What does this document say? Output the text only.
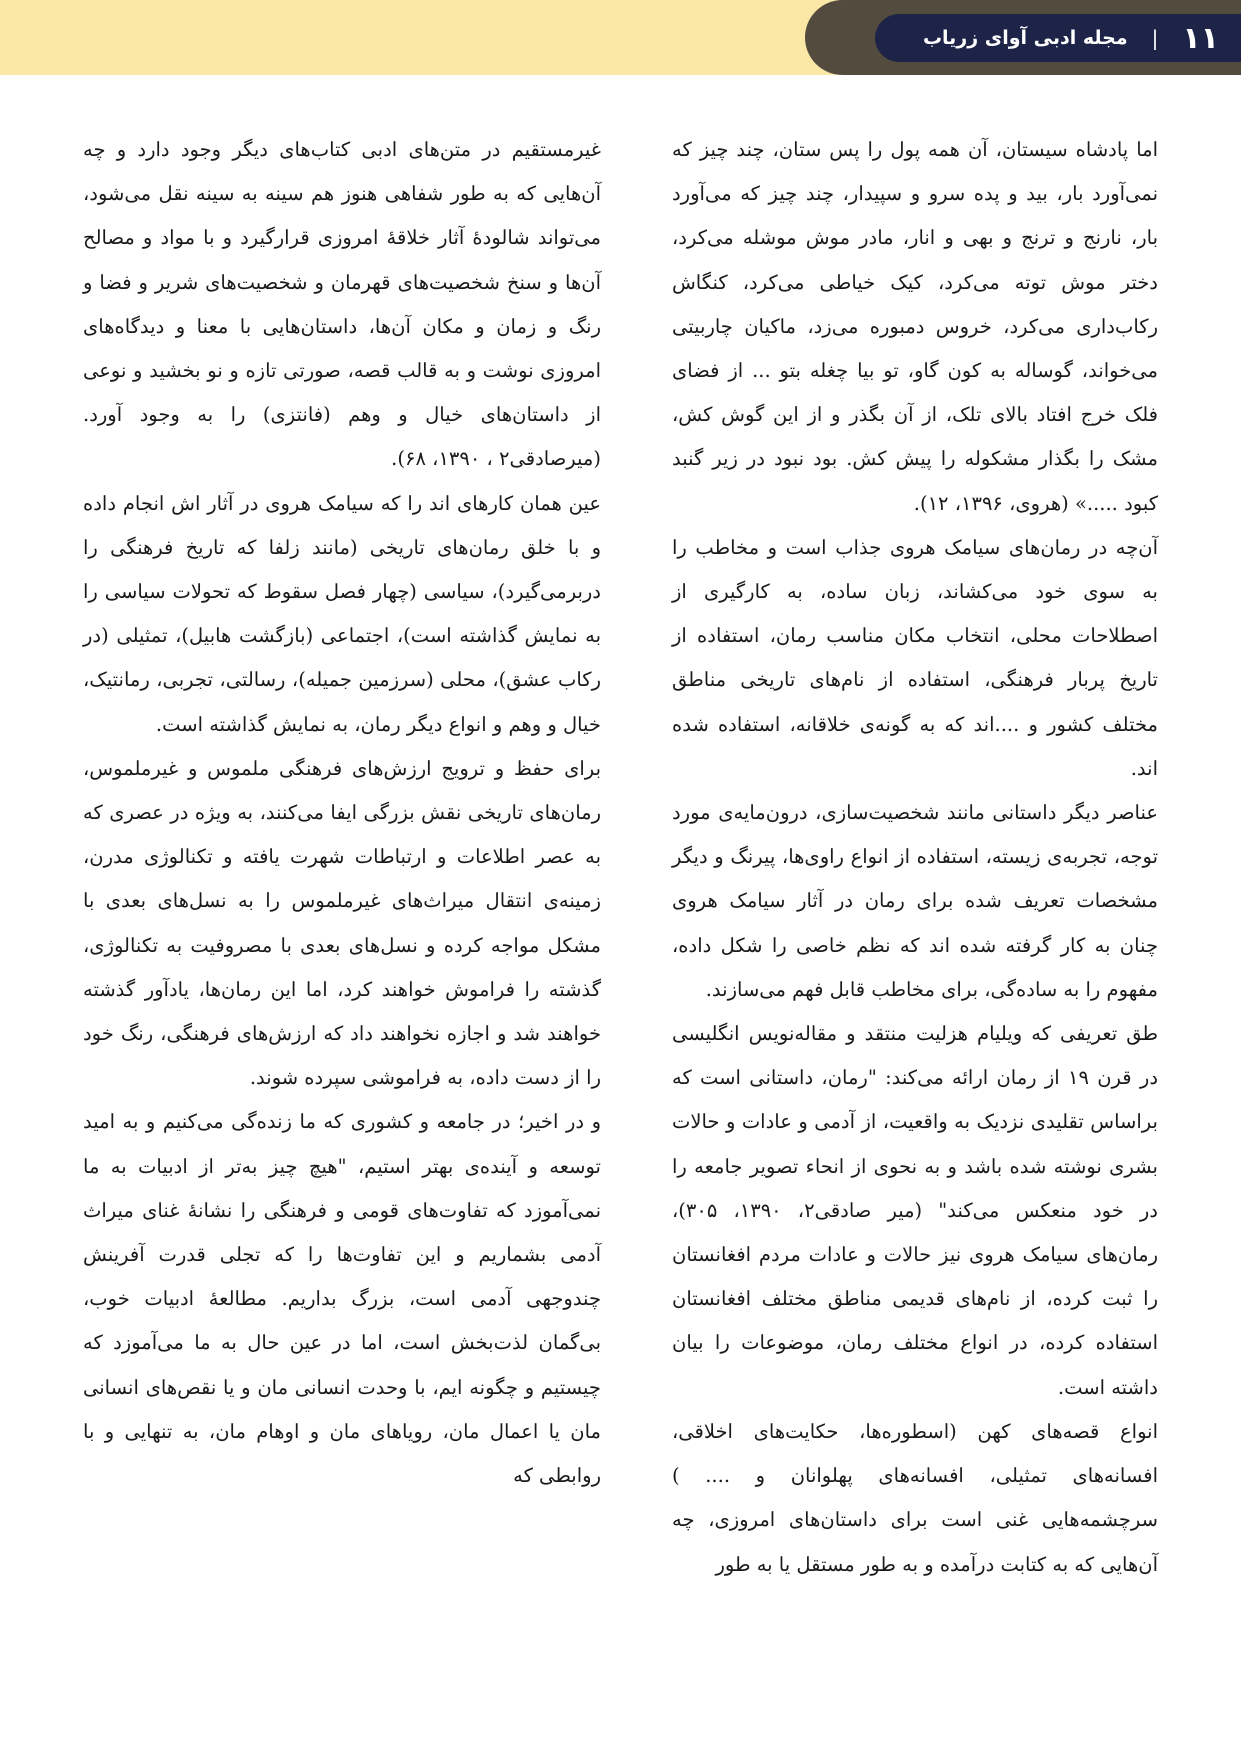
۱۱
|
مجله ادبی آوای زریاب

اما پادشاه سیستان، آن همه پول را پس ستان، چند چیز که نمی‌آورد بار، بید و پده سرو و سپیدار، چند چیز که می‌آورد بار، نارنج و ترنج و بهی و انار، مادر موش موشله می‌کرد، دختر موش توته می‌کرد، کیک خیاطی می‌کرد، کنگاش رکاب‌داری می‌کرد، خروس دمبوره می‌زد، ماکیان چاربیتی می‌خواند، گوساله به کون گاو، تو بیا چغله بتو ... از فضای فلک خرج افتاد بالای تلک، از آن بگذر و از این گوش کش، مشک را بگذار مشکوله را پیش کش. بود نبود در زیر گنبد کبود .....» (هروی، ۱۳۹۶، ۱۲).

آن‌چه در رمان‌های سیامک هروی جذاب است و مخاطب را به سوی خود می‌کشاند، زبان ساده، به کارگیری از اصطلاحات محلی، انتخاب مکان مناسب رمان، استفاده از تاریخ پربار فرهنگی، استفاده از نام‌های تاریخی مناطق مختلف کشور و ....اند که به گونه‌ی خلاقانه، استفاده شده اند.

عناصر دیگر داستانی مانند شخصیت‌سازی، درون‌مایه‌ی مورد توجه، تجربه‌ی زیسته، استفاده از انواع راوی‌ها، پیرنگ و دیگر مشخصات تعریف شده برای رمان در آثار سیامک هروی چنان به کار گرفته شده اند که نظم خاصی را شکل داده، مفهوم را به ساده‌گی، برای مخاطب قابل فهم می‌سازند.

طق تعریفی که ویلیام هزلیت منتقد و مقاله‌نویس انگلیسی در قرن ۱۹ از رمان ارائه می‌کند: "رمان، داستانی است که براساس تقلیدی نزدیک به واقعیت، از آدمی و عادات و حالات بشری نوشته شده باشد و به نحوی از انحاء تصویر جامعه را در خود منعکس می‌کند" (میر صادقی۲، ۱۳۹۰، ۳۰۵)، رمان‌های سیامک هروی نیز حالات و عادات مردم افغانستان را ثبت کرده، از نام‌های قدیمی مناطق مختلف افغانستان استفاده کرده، در انواع مختلف رمان، موضوعات را بیان داشته است.

انواع قصه‌های کهن (اسطوره‌ها، حکایت‌های اخلاقی، افسانه‌های تمثیلی، افسانه‌های پهلوانان و .... ) سرچشمه‌هایی غنی است برای داستان‌های امروزی، چه آن‌هایی که به کتابت درآمده و به طور مستقل یا به طور

غیرمستقیم در متن‌های ادبی کتاب‌های دیگر وجود دارد و چه آن‌هایی که به طور شفاهی هنوز هم سینه به سینه نقل می‌شود، می‌تواند شالودهٔ آثار خلاقهٔ امروزی قرارگیرد و با مواد و مصالح آن‌ها و سنخ شخصیت‌های قهرمان و شخصیت‌های شریر و فضا و رنگ و زمان و مکان آن‌ها، داستان‌هایی با معنا و دیدگاه‌های امروزی نوشت و به قالب قصه، صورتی تازه و نو بخشید و نوعی از داستان‌های خیال و وهم (فانتزی) را به وجود آورد. (میرصادقی۲ ، ۱۳۹۰، ۶۸).

عین همان کارهای اند را که سیامک هروی در آثار اش انجام داده و با خلق رمان‌های تاریخی (مانند زلفا که تاریخ فرهنگی را دربرمی‌گیرد)، سیاسی (چهار فصل سقوط که تحولات سیاسی را به نمایش گذاشته است)، اجتماعی (بازگشت هابیل)، تمثیلی (در رکاب عشق)، محلی (سرزمین جمیله)، رسالتی، تجربی، رمانتیک، خیال و وهم و انواع دیگر رمان، به نمایش گذاشته است.

برای حفظ و ترویج ارزش‌های فرهنگی ملموس و غیرملموس، رمان‌های تاریخی نقش بزرگی ایفا می‌کنند، به ویژه در عصری که به عصر اطلاعات و ارتباطات شهرت یافته و تکنالوژی مدرن، زمینه‌ی انتقال میراث‌های غیرملموس را به نسل‌های بعدی با مشکل مواجه کرده و نسل‌های بعدی با مصروفیت به تکنالوژی، گذشته را فراموش خواهند کرد، اما این رمان‌ها، یادآور گذشته خواهند شد و اجازه نخواهند داد که ارزش‌های فرهنگی، رنگ خود را از دست داده، به فراموشی سپرده شوند.

و در اخیر؛ در جامعه و کشوری که ما زنده‌گی می‌کنیم و به امید توسعه و آینده‌ی بهتر استیم، "هیچ چیز به‌تر از ادبیات به ما نمی‌آموزد که تفاوت‌های قومی و فرهنگی را نشانهٔ غنای میراث آدمی بشماریم و این تفاوت‌ها را که تجلی قدرت آفرینش چندوجهی آدمی است، بزرگ بداریم. مطالعهٔ ادبیات خوب، بی‌گمان لذت‌بخش است، اما در عین حال به ما می‌آموزد که چیستیم و چگونه ایم، با وحدت انسانی مان و یا نقص‌های انسانی مان یا اعمال مان، رویاهای مان و اوهام مان، به تنهایی و با روابطی که
